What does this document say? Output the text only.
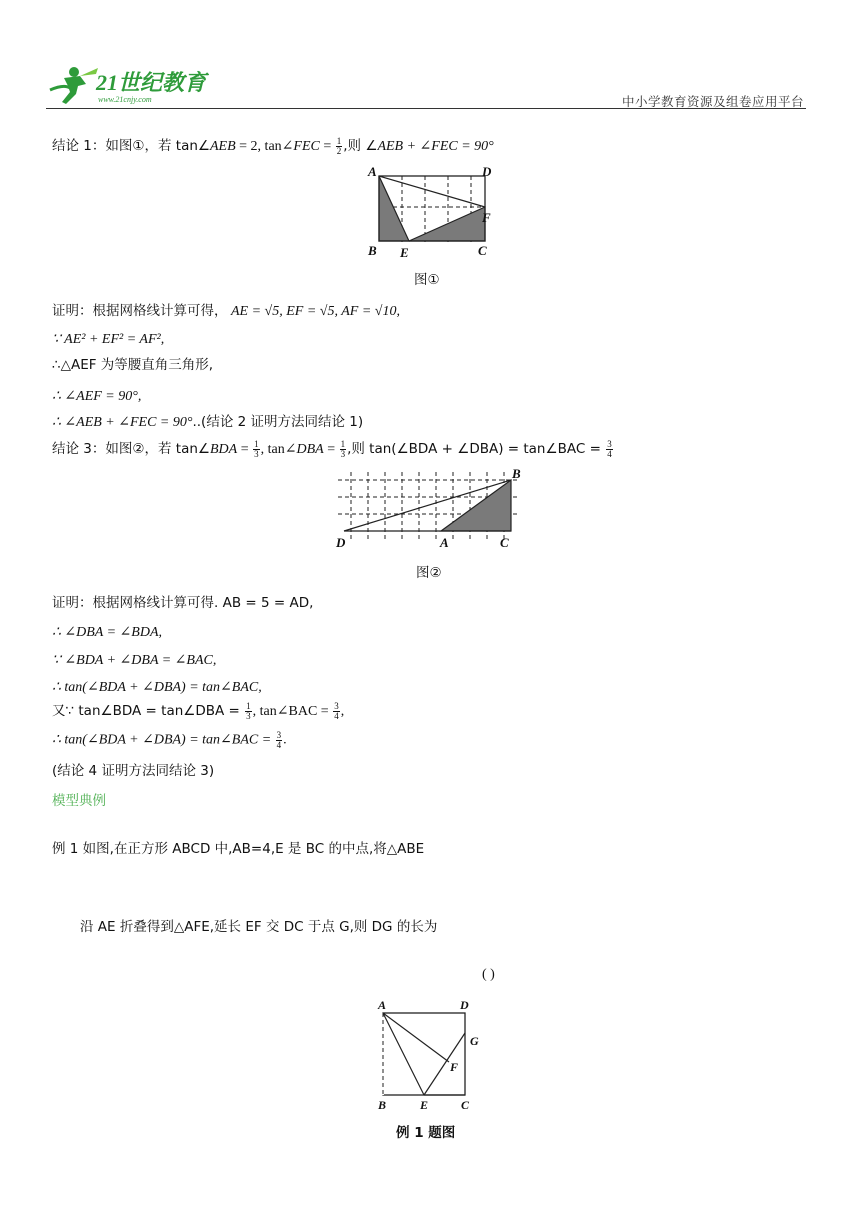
21世纪教育
www.21cnjy.com	中小学教育资源及组卷应用平台
结论 1：如图①，若 tan∠AEB = 2, tan∠FEC = $\frac{1}{2}$ ,则 ∠AEB + ∠FEC = 90°
A	D
F
B E	C
图①
证明：根据网格线计算可得， AE = √5, EF = √5, AF = √10,
∵ AE² + EF² = AF²,
∴△AEF 为等腰直角三角形,
∴ ∠AEF = 90°,
∴ ∠AEB + ∠FEC = 90°..(结论 2 证明方法同结论 1)
结论 3：如图②，若 tan∠BDA = $\frac{1}{3}$ , tan∠DBA = $\frac{1}{3}$ ,则 tan(∠BDA + ∠DBA) = tan∠BAC = $\frac{3}{4}$
B
D	A	C
图②
证明：根据网格线计算可得. AB = 5 = AD,
∴ ∠DBA = ∠BDA,
∵ ∠BDA + ∠DBA = ∠BAC,
∴ tan(∠BDA + ∠DBA) = tan∠BAC,
又∵ tan∠BDA = tan∠DBA = $\frac{1}{3}$ , tan∠BAC = $\frac{3}{4}$ ,
∴ tan(∠BDA + ∠DBA) = tan∠BAC = $\frac{3}{4}$ .
(结论 4 证明方法同结论 3)
模型典例
例 1 如图,在正方形 ABCD 中,AB=4,E 是 BC 的中点,将△ABE
沿 AE 折叠得到△AFE,延长 EF 交 DC 于点 G,则 DG 的长为
( )
A	D
G
F
B	E	C
例 1 题图
